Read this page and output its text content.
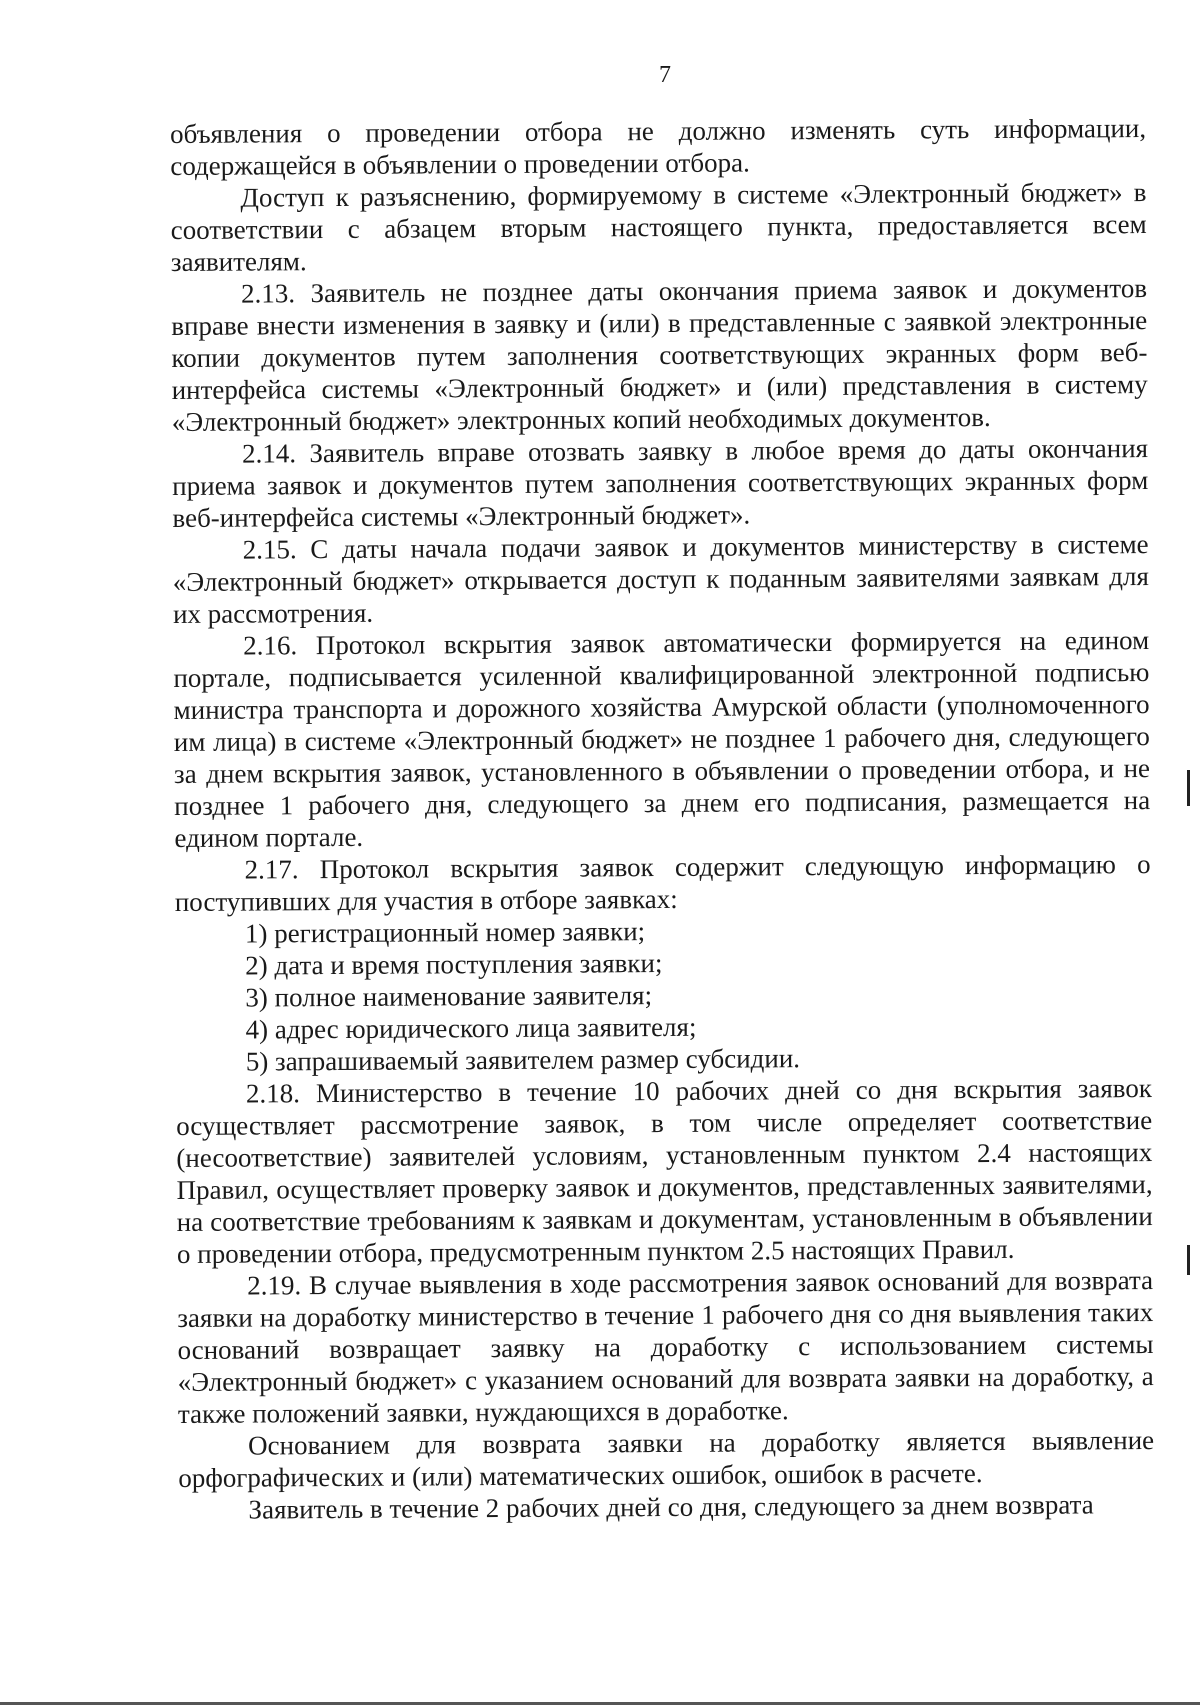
7

объявления о проведении отбора не должно изменять суть информации, содержащейся в объявлении о проведении отбора.

Доступ к разъяснению, формируемому в системе «Электронный бюджет» в соответствии с абзацем вторым настоящего пункта, предоставляется всем заявителям.

2.13. Заявитель не позднее даты окончания приема заявок и документов вправе внести изменения в заявку и (или) в представленные с заявкой электронные копии документов путем заполнения соответствующих экранных форм веб-интерфейса системы «Электронный бюджет» и (или) представления в систему «Электронный бюджет» электронных копий необходимых документов.

2.14. Заявитель вправе отозвать заявку в любое время до даты окончания приема заявок и документов путем заполнения соответствующих экранных форм веб-интерфейса системы «Электронный бюджет».

2.15. С даты начала подачи заявок и документов министерству в системе «Электронный бюджет» открывается доступ к поданным заявителями заявкам для их рассмотрения.

2.16. Протокол вскрытия заявок автоматически формируется на едином портале, подписывается усиленной квалифицированной электронной подписью министра транспорта и дорожного хозяйства Амурской области (уполномоченного им лица) в системе «Электронный бюджет» не позднее 1 рабочего дня, следующего за днем вскрытия заявок, установленного в объявлении о проведении отбора, и не позднее 1 рабочего дня, следующего за днем его подписания, размещается на едином портале.

2.17. Протокол вскрытия заявок содержит следующую информацию о поступивших для участия в отборе заявках:

1) регистрационный номер заявки;

2) дата и время поступления заявки;

3) полное наименование заявителя;

4) адрес юридического лица заявителя;

5) запрашиваемый заявителем размер субсидии.

2.18. Министерство в течение 10 рабочих дней со дня вскрытия заявок осуществляет рассмотрение заявок, в том числе определяет соответствие (несоответствие) заявителей условиям, установленным пунктом 2.4 настоящих Правил, осуществляет проверку заявок и документов, представленных заявителями, на соответствие требованиям к заявкам и документам, установленным в объявлении о проведении отбора, предусмотренным пунктом 2.5 настоящих Правил.

2.19. В случае выявления в ходе рассмотрения заявок оснований для возврата заявки на доработку министерство в течение 1 рабочего дня со дня выявления таких оснований возвращает заявку на доработку с использованием системы «Электронный бюджет» с указанием оснований для возврата заявки на доработку, а также положений заявки, нуждающихся в доработке.

Основанием для возврата заявки на доработку является выявление орфографических и (или) математических ошибок, ошибок в расчете.

Заявитель в течение 2 рабочих дней со дня, следующего за днем возврата
